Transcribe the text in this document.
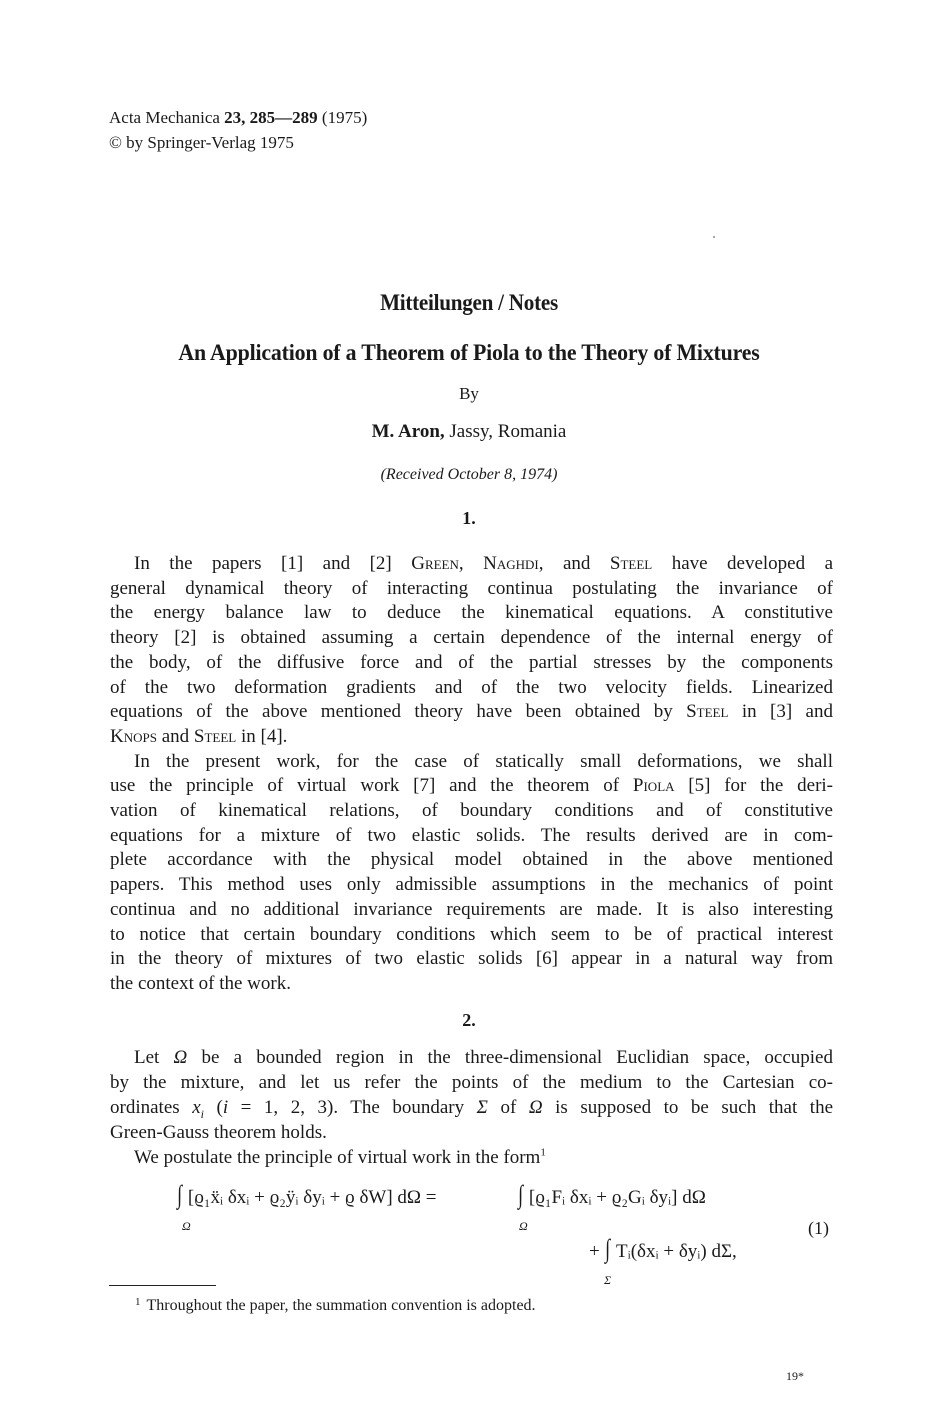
Acta Mechanica 23, 285—289 (1975)
© by Springer-Verlag 1975
Mitteilungen / Notes
An Application of a Theorem of Piola to the Theory of Mixtures
By
M. Aron, Jassy, Romania
(Received October 8, 1974)
1.
In the papers [1] and [2] Green, Naghdi, and Steel have developed a
general dynamical theory of interacting continua postulating the invariance of
the energy balance law to deduce the kinematical equations. A constitutive
theory [2] is obtained assuming a certain dependence of the internal energy of
the body, of the diffusive force and of the partial stresses by the components
of the two deformation gradients and of the two velocity fields. Linearized
equations of the above mentioned theory have been obtained by Steel in [3] and
Knops and Steel in [4].
In the present work, for the case of statically small deformations, we shall
use the principle of virtual work [7] and the theorem of Piola [5] for the deri-
vation of kinematical relations, of boundary conditions and of constitutive
equations for a mixture of two elastic solids. The results derived are in com-
plete accordance with the physical model obtained in the above mentioned
papers. This method uses only admissible assumptions in the mechanics of point
continua and no additional invariance requirements are made. It is also interesting
to notice that certain boundary conditions which seem to be of practical interest
in the theory of mixtures of two elastic solids [6] appear in a natural way from
the context of the work.
2.
Let Ω be a bounded region in the three-dimensional Euclidian space, occupied
by the mixture, and let us refer the points of the medium to the Cartesian co-
ordinates $x_i$ (i = 1, 2, 3). The boundary Σ of Ω is supposed to be such that the
Green-Gauss theorem holds.
We postulate the principle of virtual work in the form$^1$
∫ [ϱ₁ẍᵢ δxᵢ + ϱ₂ÿᵢ δyᵢ + ϱ δW] dΩ =
Ω
∫ [ϱ₁Fᵢ δxᵢ + ϱ₂Gᵢ δyᵢ] dΩ
Ω
+ ∫ Tᵢ(δxᵢ + δyᵢ) dΣ,
Σ
(1)
$^1$ Throughout the paper, the summation convention is adopted.
19*
